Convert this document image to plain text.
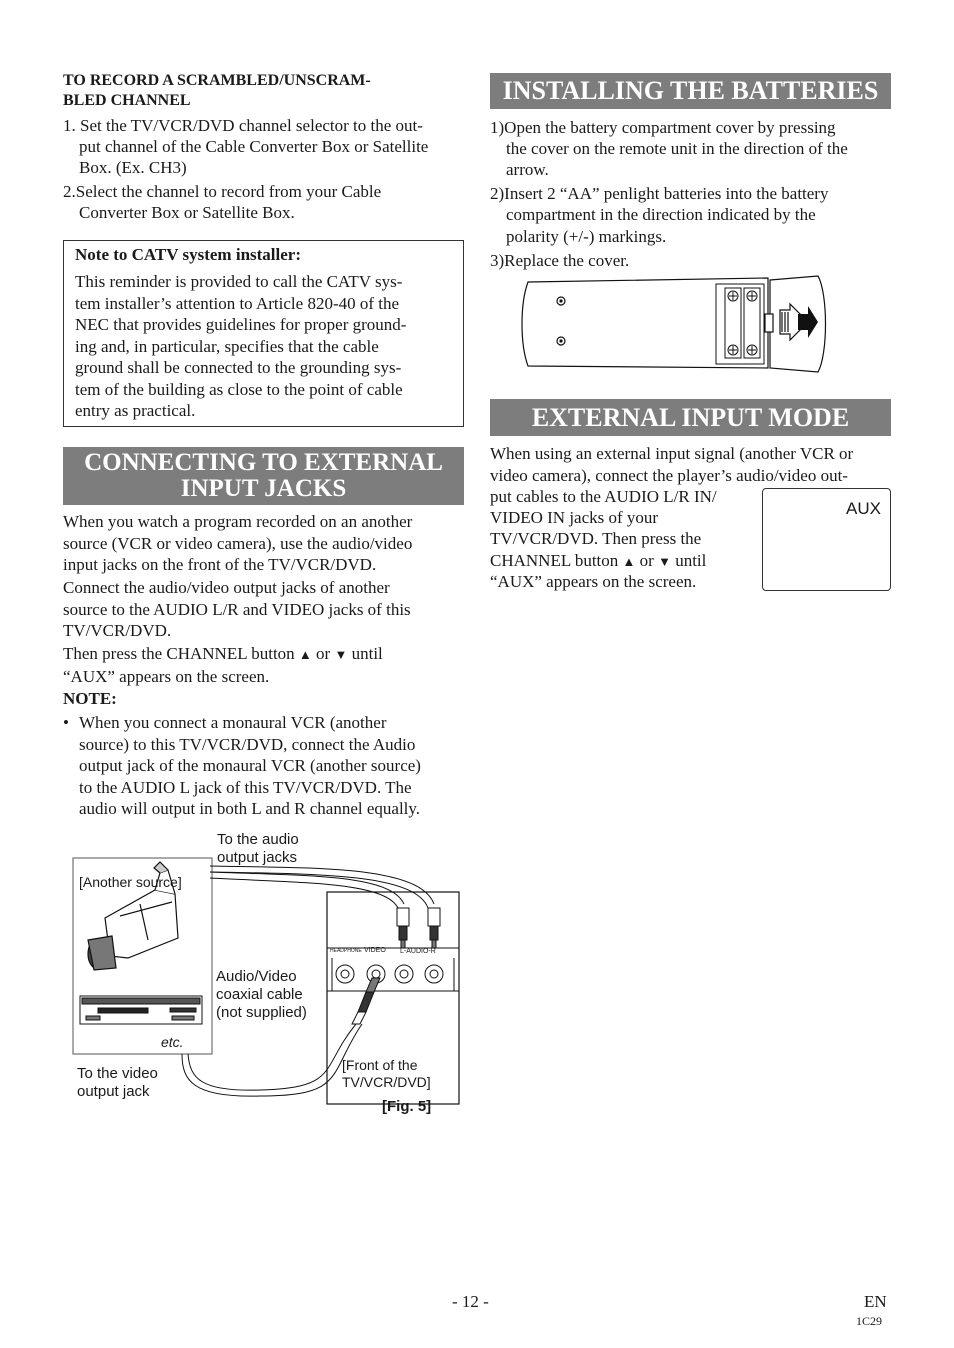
TO RECORD A SCRAMBLED/UNSCRAM-
BLED CHANNEL
1. Set the TV/VCR/DVD channel selector to the out-
put channel of the Cable Converter Box or Satellite
Box. (Ex. CH3)
2.Select the channel to record from your Cable
Converter Box or Satellite Box.
Note to CATV system installer:
This reminder is provided to call the CATV sys-
tem installer’s attention to Article 820-40 of the
NEC that provides guidelines for proper ground-
ing and, in particular, specifies that the cable
ground shall be connected to the grounding sys-
tem of the building as close to the point of cable
entry as practical.
CONNECTING TO EXTERNAL
INPUT JACKS
When you watch a program recorded on an another
source (VCR or video camera), use the audio/video
input jacks on the front of the TV/VCR/DVD.
Connect the audio/video output jacks of another
source to the AUDIO L/R and VIDEO jacks of this
TV/VCR/DVD.
Then press the CHANNEL button ▲ or ▼ until
“AUX” appears on the screen.
NOTE:
• When you connect a monaural VCR (another
source) to this TV/VCR/DVD, connect the Audio
output jack of the monaural VCR (another source)
to the AUDIO L jack of this TV/VCR/DVD. The
audio will output in both L and R channel equally.
To the audio
output jacks
[Another source]
Audio/Video
coaxial cable
(not supplied)
etc.
To the video
output jack
[Front of the
TV/VCR/DVD]
[Fig. 5]
HEADPHONE VIDEO L-AUDIO-R
INSTALLING THE BATTERIES
1)Open the battery compartment cover by pressing
the cover on the remote unit in the direction of the
arrow.
2)Insert 2 “AA” penlight batteries into the battery
compartment in the direction indicated by the
polarity (+/-) markings.
3)Replace the cover.
EXTERNAL INPUT MODE
When using an external input signal (another VCR or
video camera), connect the player’s audio/video out-
put cables to the AUDIO L/R IN/
VIDEO IN jacks of your
TV/VCR/DVD. Then press the
CHANNEL button ▲ or ▼ until
“AUX” appears on the screen.
AUX
- 12 -	EN
1C29
